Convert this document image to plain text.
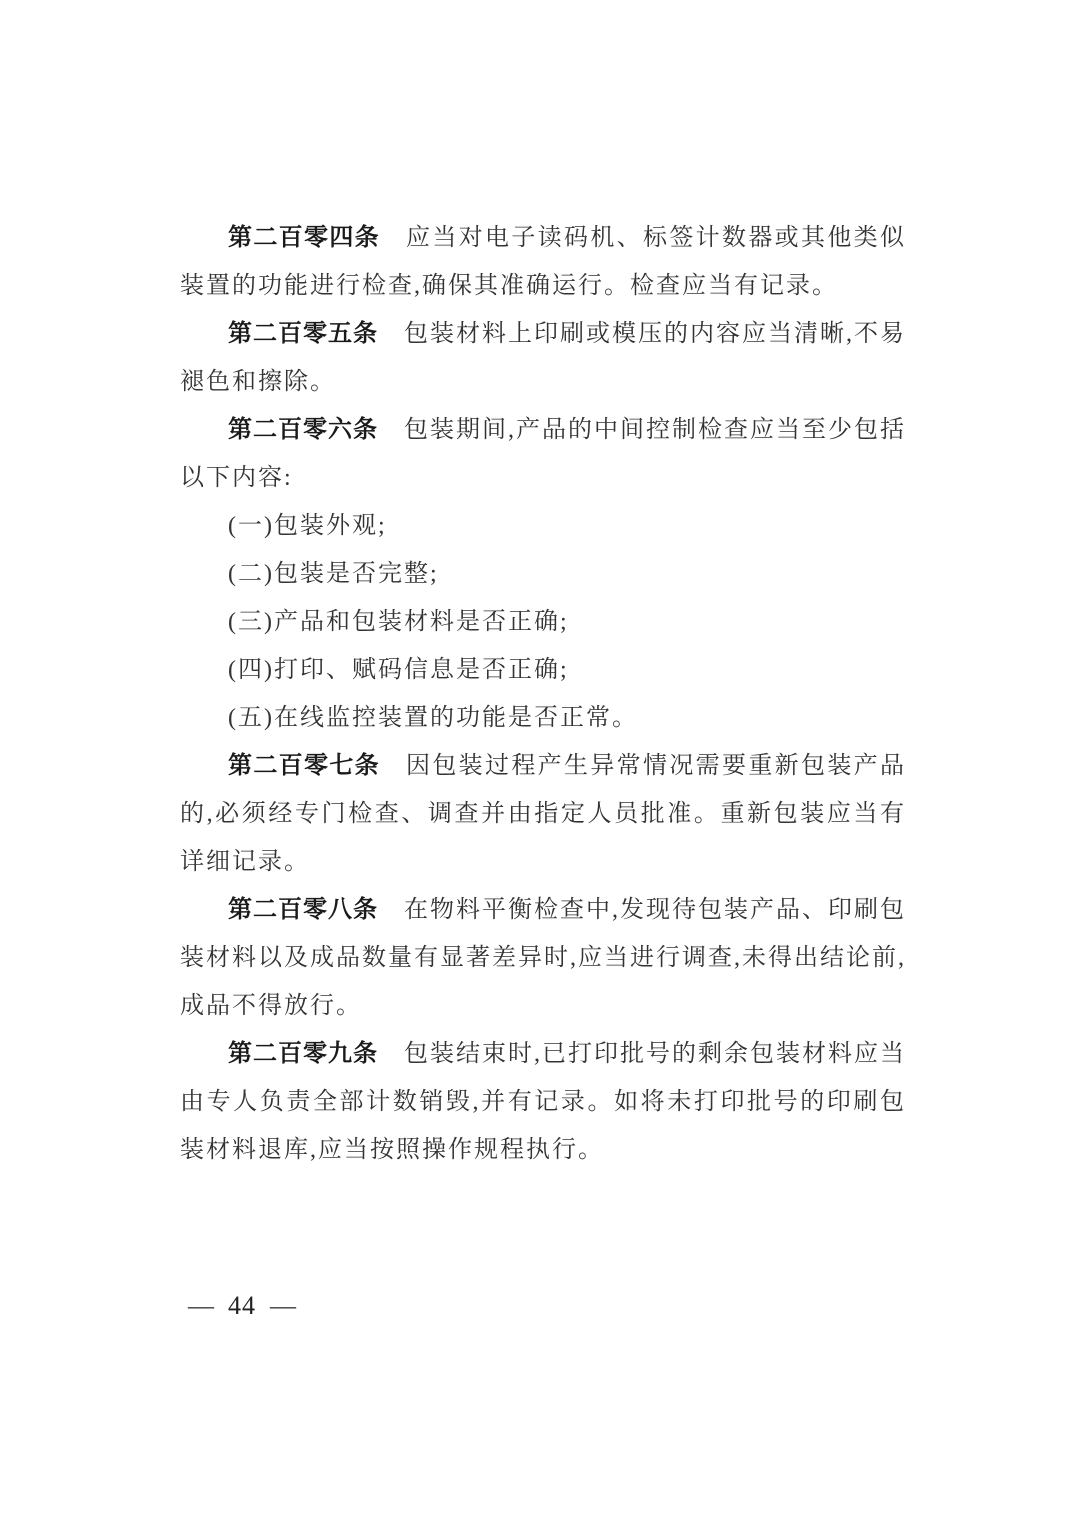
第二百零四条 应当对电子读码机、标签计数器或其他类似装置的功能进行检查,确保其准确运行。检查应当有记录。

第二百零五条 包装材料上印刷或模压的内容应当清晰,不易褪色和擦除。

第二百零六条 包装期间,产品的中间控制检查应当至少包括以下内容:

(一)包装外观;

(二)包装是否完整;

(三)产品和包装材料是否正确;

(四)打印、赋码信息是否正确;

(五)在线监控装置的功能是否正常。

第二百零七条 因包装过程产生异常情况需要重新包装产品的,必须经专门检查、调查并由指定人员批准。重新包装应当有详细记录。

第二百零八条 在物料平衡检查中,发现待包装产品、印刷包装材料以及成品数量有显著差异时,应当进行调查,未得出结论前,成品不得放行。

第二百零九条 包装结束时,已打印批号的剩余包装材料应当由专人负责全部计数销毁,并有记录。如将未打印批号的印刷包装材料退库,应当按照操作规程执行。

— 44 —
